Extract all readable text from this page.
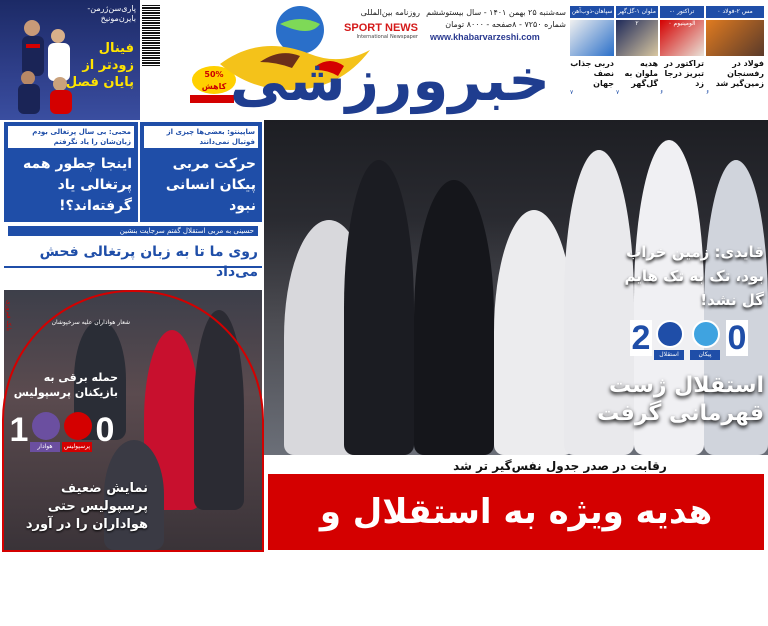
پاری‌سن‌ژرمن-بایرن‌مونیخ
فینال زودتر از پایان فصل
50% کاهش خبرورزشی
روزنامه بین‌المللی
SPORT NEWS
International Newspaper
سه‌شنبه ۲۵ بهمن ۱۴۰۱ - سال بیستوششم
شماره ۷۲۵۰ - ۸صفحه - ۸۰۰۰ تومان
www.khabarvarzeshi.com
سپاهان-ذوب‌آهن
دربی جذاب نصف جهان
۷
ملوان ۱-گل‌گهر ۲
هدیه ملوان به گل‌گهر
۷
تراکتور ۰-آلومینیوم ۰
تراکتور در تبریز درجا زد
۶
مس ۲-فولاد ۰
فولاد در رفسنجان زمین‌گیر شد
۶
محبی: بی سال پرتغالی بودم زبان‌شان را یاد نگرفتم
اینجا چطور همه پرتغالی یاد گرفته‌اند؟!
ساپینتو: بعضی‌ها چیزی از فوتبال نمی‌دانند
حرکت مربی پیکان انسانی نبود
حسینی به مربی استقلال گفتم سرجایت بنشین
روی ما تا به زبان پرتغالی فحش می‌داد
بابک فیروزی	شعار هواداران علیه سرخپوشان
حمله برقی به بازیکنان پرسپولیس
1	هوادار	پرسپولیس 0
نمایش ضعیف پرسپولیس حتی هواداران را در آورد
قایدی: زمین خراب بود، تک به تک هایم گل نشد!
2	استقلال	پیکان 0
استقلال ژست قهرمانی گرفت
رقابت در صدر جدول نفس‌گیر تر شد
هدیه ویژه به استقلال و سپاهان
